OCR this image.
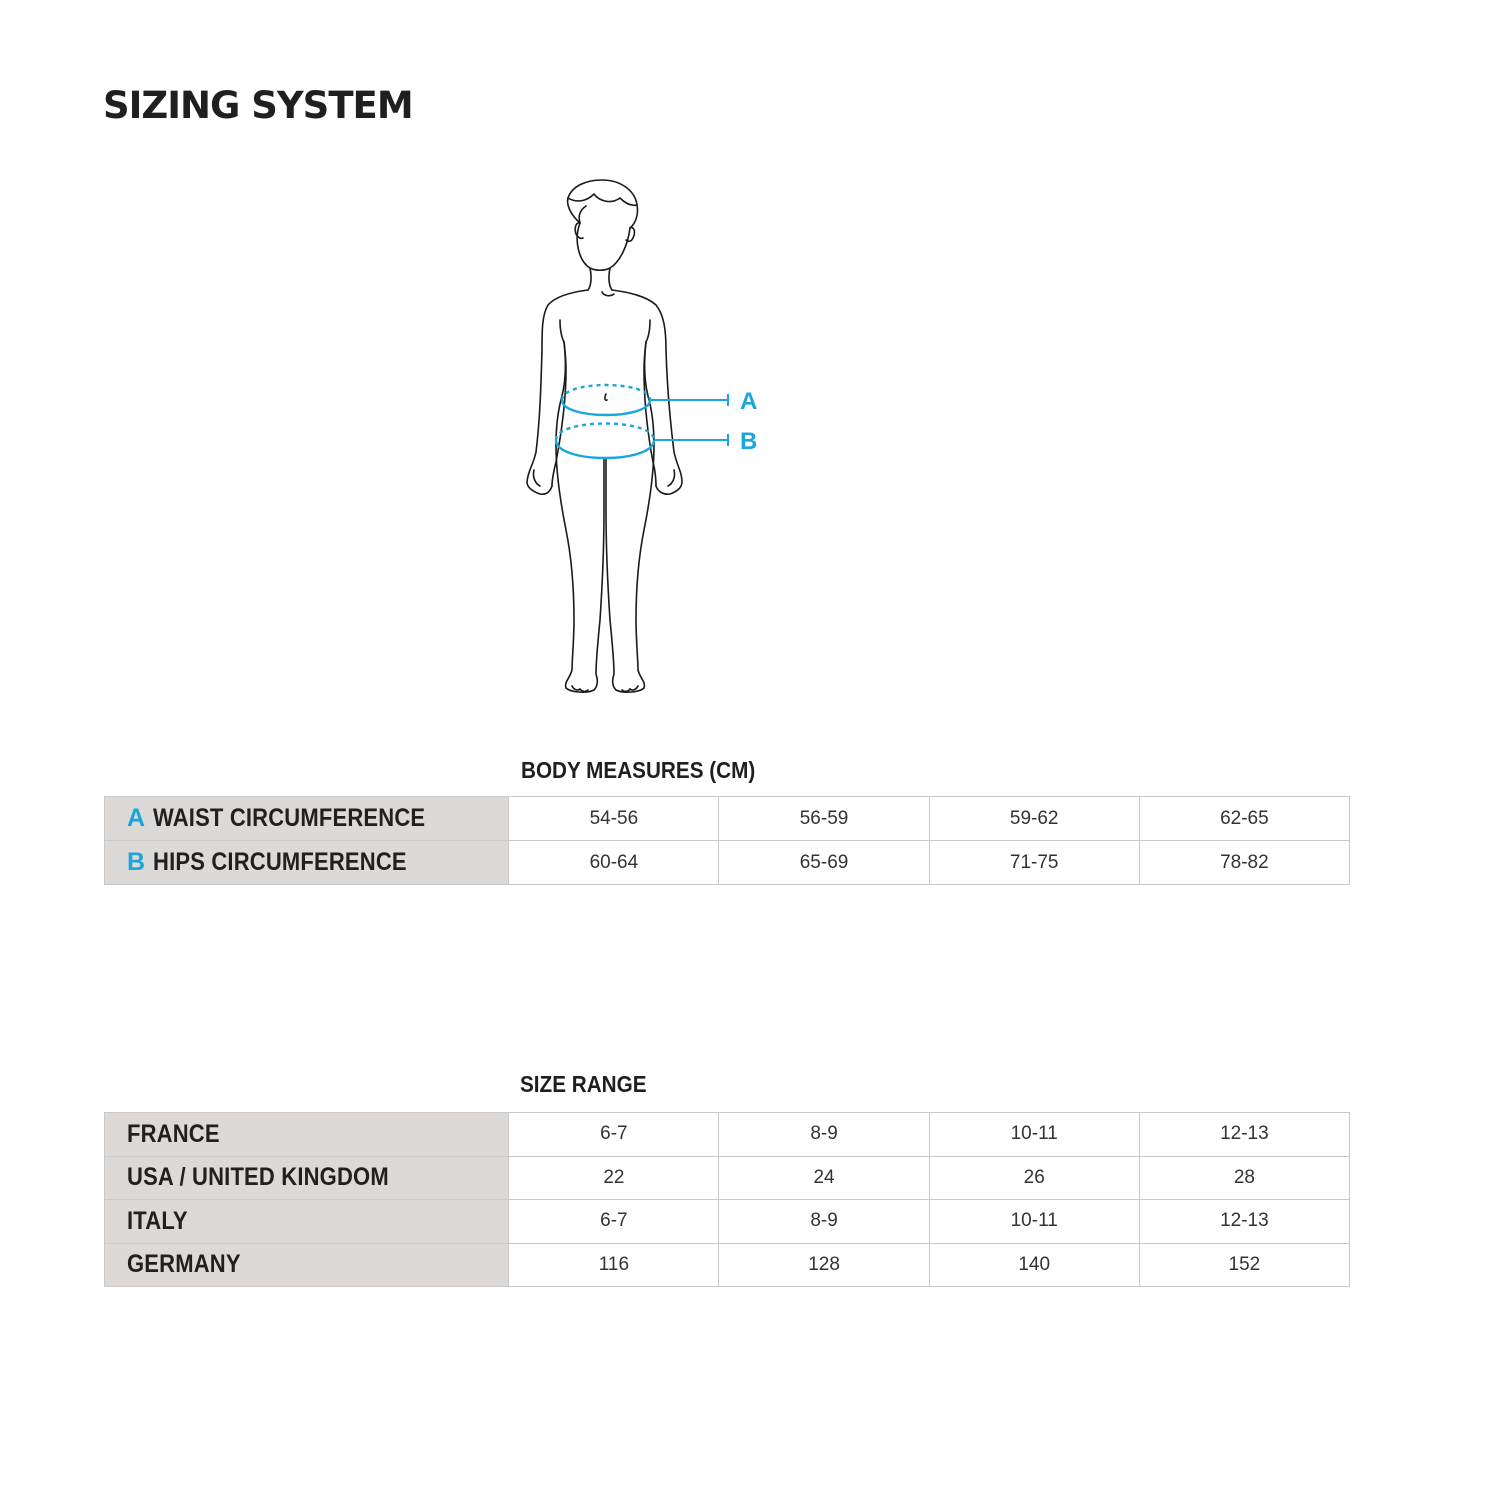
SIZING SYSTEM
A
B
BODY MEASURES (CM)
A WAIST CIRCUMFERENCE	54-56	56-59	59-62	62-65

B HIPS CIRCUMFERENCE	60-64	65-69	71-75	78-82
SIZE RANGE
FRANCE	6-7	8-9	10-11	12-13

USA / UNITED KINGDOM	22	24	26	28

ITALY	6-7	8-9	10-11	12-13

GERMANY	116	128	140	152
